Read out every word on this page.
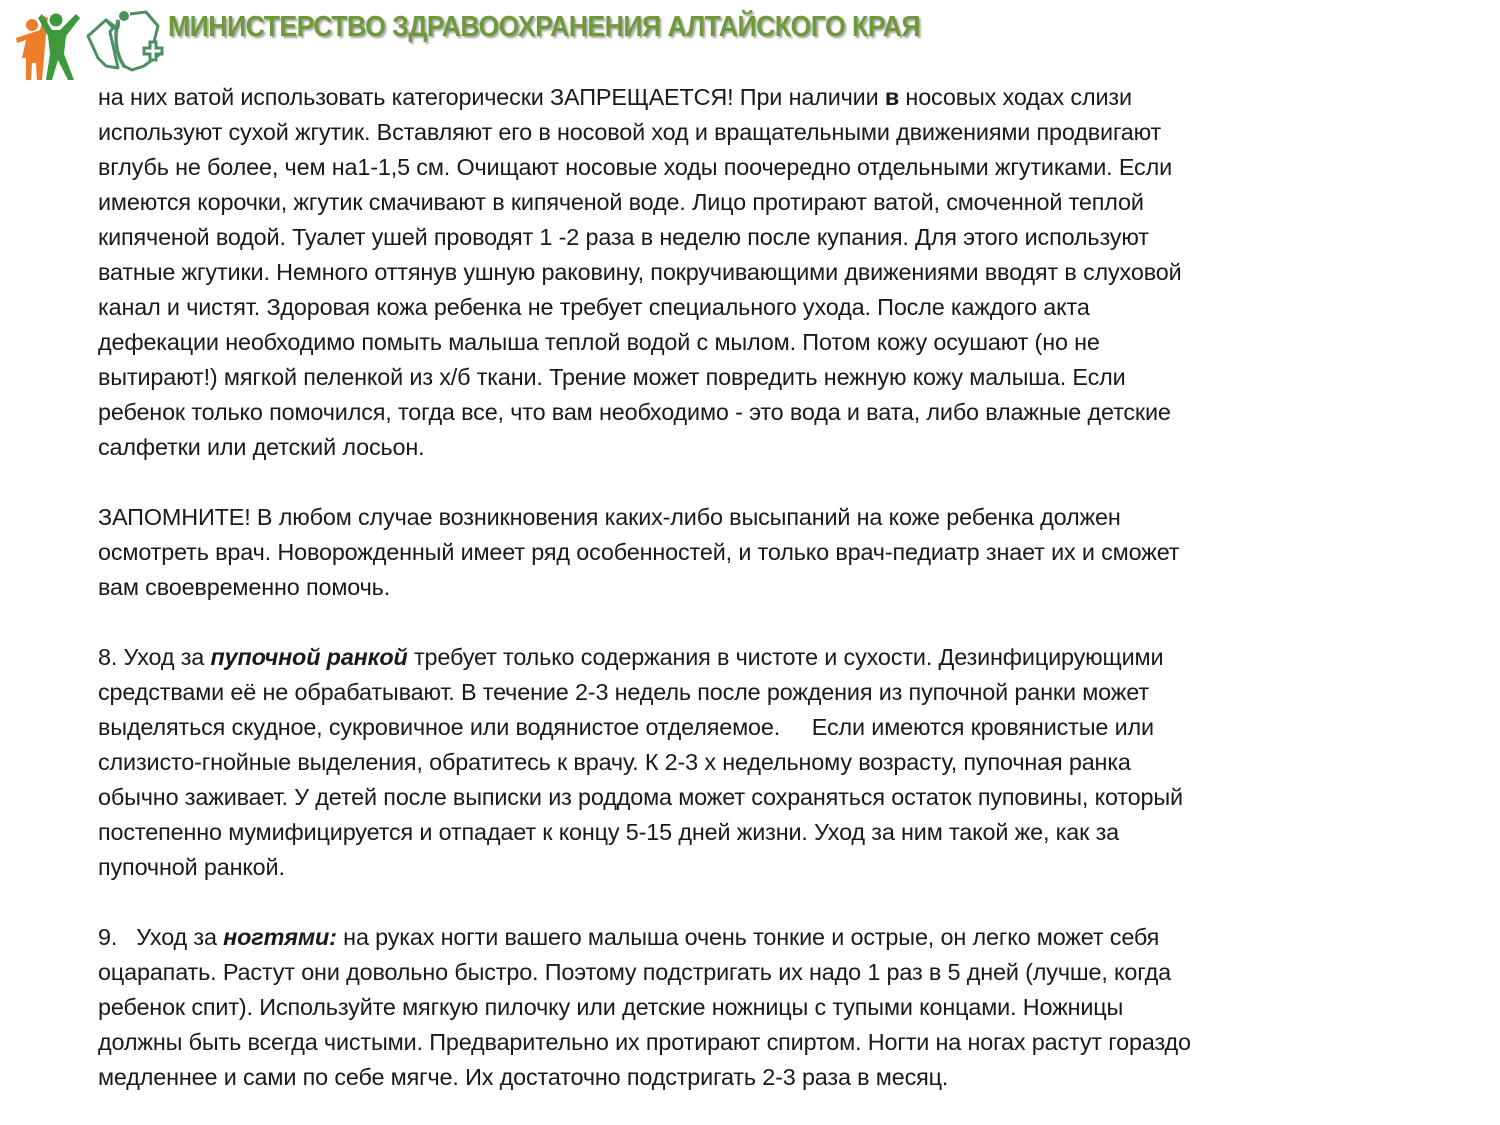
МИНИСТЕРСТВО ЗДРАВООХРАНЕНИЯ АЛТАЙСКОГО КРАЯ
на них ватой использовать категорически ЗАПРЕЩАЕТСЯ! При наличии в носовых ходах слизи
используют сухой жгутик. Вставляют его в носовой ход и вращательными движениями продвигают
вглубь не более, чем на1-1,5 см. Очищают носовые ходы поочередно отдельными жгутиками. Если
имеются корочки, жгутик смачивают в кипяченой воде. Лицо протирают ватой, смоченной теплой
кипяченой водой. Туалет ушей проводят 1 -2 раза в неделю после купания. Для этого используют
ватные жгутики. Немного оттянув ушную раковину, покручивающими движениями вводят в слуховой
канал и чистят. Здоровая кожа ребенка не требует специального ухода. После каждого акта
дефекации необходимо помыть малыша теплой водой с мылом. Потом кожу осушают (но не
вытирают!) мягкой пеленкой из х/б ткани. Трение может повредить нежную кожу малыша. Если
ребенок только помочился, тогда все, что вам необходимо - это вода и вата, либо влажные детские
салфетки или детский лосьон.
ЗАПОМНИТЕ! В любом случае возникновения каких-либо высыпаний на коже ребенка должен
осмотреть врач. Новорожденный имеет ряд особенностей, и только врач-педиатр знает их и сможет
вам своевременно помочь.
8. Уход за пупочной ранкой требует только содержания в чистоте и сухости. Дезинфицирующими
средствами её не обрабатывают. В течение 2-3 недель после рождения из пупочной ранки может
выделяться скудное, сукровичное или водянистое отделяемое.     Если имеются кровянистые или
слизисто-гнойные выделения, обратитесь к врачу. К 2-3 х недельному возрасту, пупочная ранка
обычно заживает. У детей после выписки из роддома может сохраняться остаток пуповины, который
постепенно мумифицируется и отпадает к концу 5-15 дней жизни. Уход за ним такой же, как за
пупочной ранкой.
9.   Уход за ногтями: на руках ногти вашего малыша очень тонкие и острые, он легко может себя
оцарапать. Растут они довольно быстро. Поэтому подстригать их надо 1 раз в 5 дней (лучше, когда
ребенок спит). Используйте мягкую пилочку или детские ножницы с тупыми концами. Ножницы
должны быть всегда чистыми. Предварительно их протирают спиртом. Ногти на ногах растут гораздо
медленнее и сами по себе мягче. Их достаточно подстригать 2-3 раза в месяц.
